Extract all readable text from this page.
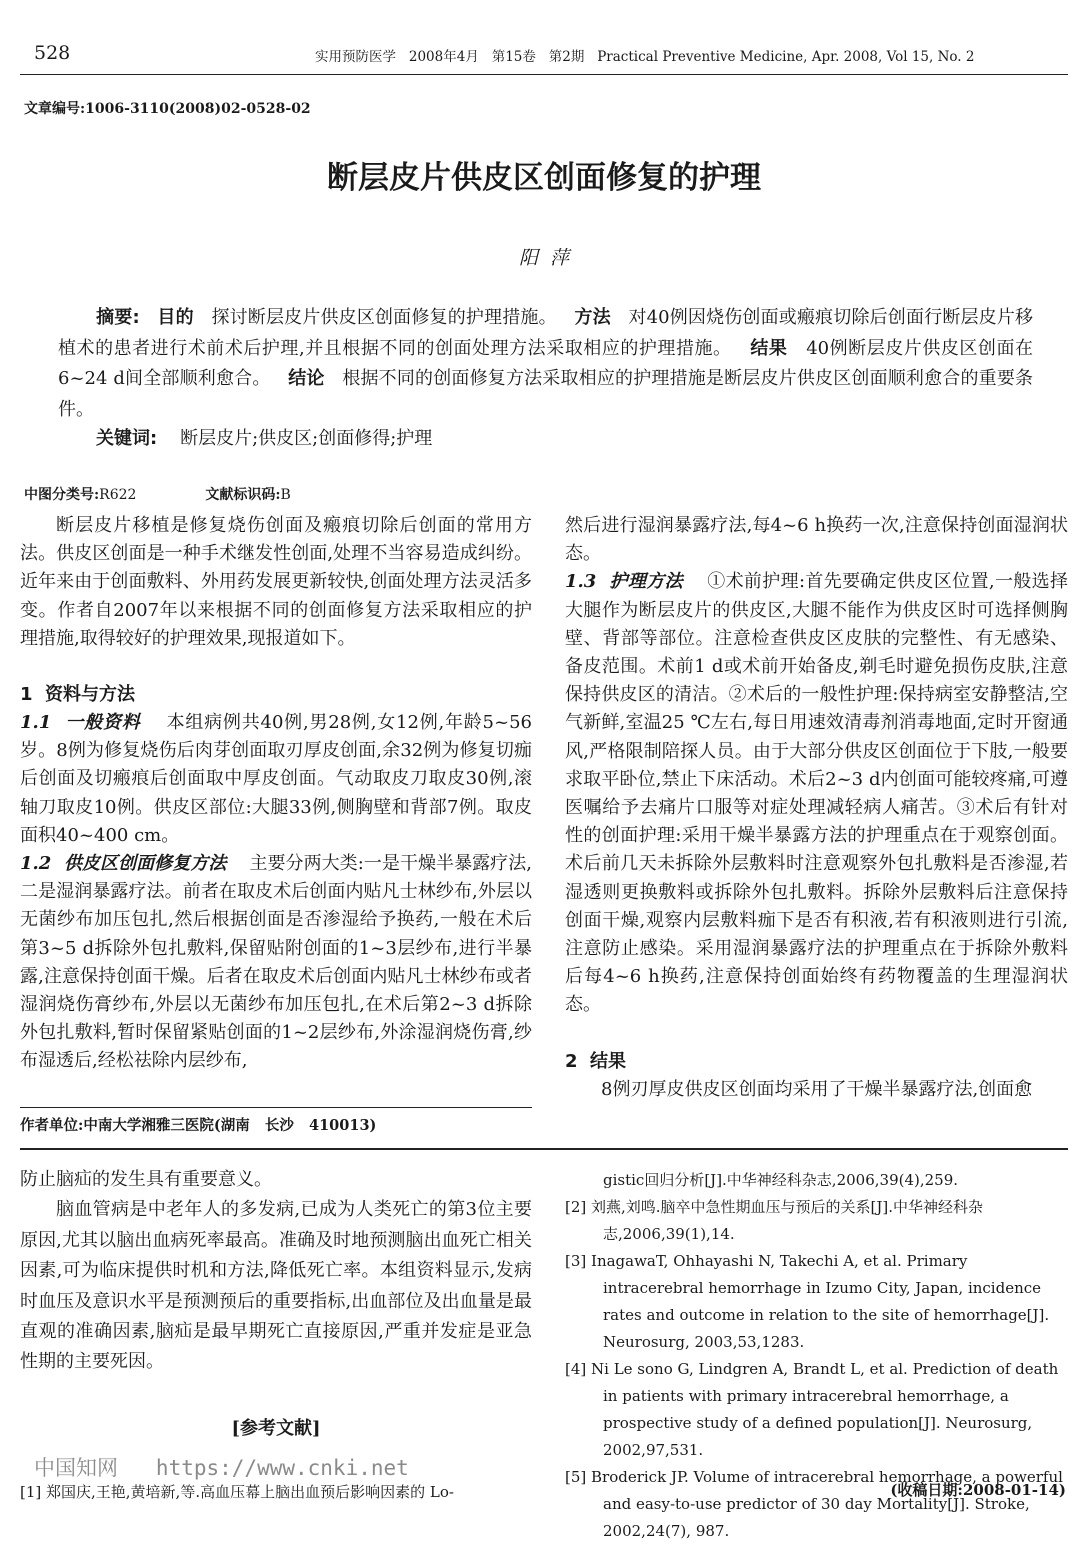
528	实用预防医学   2008年4月   第15卷   第2期   Practical Preventive Medicine, Apr. 2008, Vol 15, No. 2
文章编号:1006-3110(2008)02-0528-02
断层皮片供皮区创面修复的护理
阳  萍
摘要: 目的 探讨断层皮片供皮区创面修复的护理措施。 方法 对40例因烧伤创面或瘢痕切除后创面行断层皮片移植术的患者进行术前术后护理,并且根据不同的创面处理方法采取相应的护理措施。 结果 40例断层皮片供皮区创面在6~24 d间全部顺利愈合。 结论 根据不同的创面修复方法采取相应的护理措施是断层皮片供皮区创面顺利愈合的重要条件。
关键词: 断层皮片;供皮区;创面修得;护理
中图分类号:R622	文献标识码:B

断层皮片移植是修复烧伤创面及瘢痕切除后创面的常用方法。供皮区创面是一种手术继发性创面,处理不当容易造成纠纷。近年来由于创面敷料、外用药发展更新较快,创面处理方法灵活多变。作者自2007年以来根据不同的创面修复方法采取相应的护理措施,取得较好的护理效果,现报道如下。

1  资料与方法

1.1  一般资料 本组病例共40例,男28例,女12例,年龄5~56岁。8例为修复烧伤后肉芽创面取刃厚皮创面,余32例为修复切痂后创面及切瘢痕后创面取中厚皮创面。气动取皮刀取皮30例,滚轴刀取皮10例。供皮区部位:大腿33例,侧胸壁和背部7例。取皮面积40~400 cm。

1.2  供皮区创面修复方法 主要分两大类:一是干燥半暴露疗法,二是湿润暴露疗法。前者在取皮术后创面内贴凡士林纱布,外层以无菌纱布加压包扎,然后根据创面是否渗湿给予换药,一般在术后第3~5 d拆除外包扎敷料,保留贴附创面的1~3层纱布,进行半暴露,注意保持创面干燥。后者在取皮术后创面内贴凡士林纱布或者湿润烧伤膏纱布,外层以无菌纱布加压包扎,在术后第2~3 d拆除外包扎敷料,暂时保留紧贴创面的1~2层纱布,外涂湿润烧伤膏,纱布湿透后,经松祛除内层纱布,

作者单位:中南大学湘雅三医院(湖南   长沙   410013)

然后进行湿润暴露疗法,每4~6 h换药一次,注意保持创面湿润状态。

1.3  护理方法 ①术前护理:首先要确定供皮区位置,一般选择大腿作为断层皮片的供皮区,大腿不能作为供皮区时可选择侧胸壁、背部等部位。注意检查供皮区皮肤的完整性、有无感染、备皮范围。术前1 d或术前开始备皮,剃毛时避免损伤皮肤,注意保持供皮区的清洁。②术后的一般性护理:保持病室安静整洁,空气新鲜,室温25 ℃左右,每日用速效清毒剂消毒地面,定时开窗通风,严格限制陪探人员。由于大部分供皮区创面位于下肢,一般要求取平卧位,禁止下床活动。术后2~3 d内创面可能较疼痛,可遵医嘱给予去痛片口服等对症处理减轻病人痛苦。③术后有针对性的创面护理:采用干燥半暴露方法的护理重点在于观察创面。术后前几天未拆除外层敷料时注意观察外包扎敷料是否渗湿,若湿透则更换敷料或拆除外包扎敷料。拆除外层敷料后注意保持创面干燥,观察内层敷料痂下是否有积液,若有积液则进行引流,注意防止感染。采用湿润暴露疗法的护理重点在于拆除外敷料后每4~6 h换药,注意保持创面始终有药物覆盖的生理湿润状态。

2  结果

8例刃厚皮供皮区创面均采用了干燥半暴露疗法,创面愈

防止脑疝的发生具有重要意义。

脑血管病是中老年人的多发病,已成为人类死亡的第3位主要原因,尤其以脑出血病死率最高。准确及时地预测脑出血死亡相关因素,可为临床提供时机和方法,降低死亡率。本组资料显示,发病时血压及意识水平是预测预后的重要指标,出血部位及出血量是最直观的准确因素,脑疝是最早期死亡直接原因,严重并发症是亚急性期的主要死因。

[参考文献]
中国知网   https://www.cnki.net
[1] 郑国庆,王艳,黄培新,等.高血压幕上脑出血预后影响因素的 Lo-

gistic回归分析[J].中华神经科杂志,2006,39(4),259.

[2] 刘燕,刘鸣.脑卒中急性期血压与预后的关系[J].中华神经科杂志,2006,39(1),14.

[3] InagawaT, Ohhayashi N, Takechi A, et al. Primary intracerebral hemorrhage in Izumo City, Japan, incidence rates and outcome in relation to the site of hemorrhage[J]. Neurosurg, 2003,53,1283.

[4] Ni Le sono G, Lindgren A, Brandt L, et al. Prediction of death in patients with primary intracerebral hemorrhage, a prospective study of a defined population[J]. Neurosurg, 2002,97,531.

[5] Broderick JP. Volume of intracerebral hemorrhage, a powerful and easy-to-use predictor of 30 day Mortality[J]. Stroke, 2002,24(7), 987.

(收稿日期:2008-01-14)
